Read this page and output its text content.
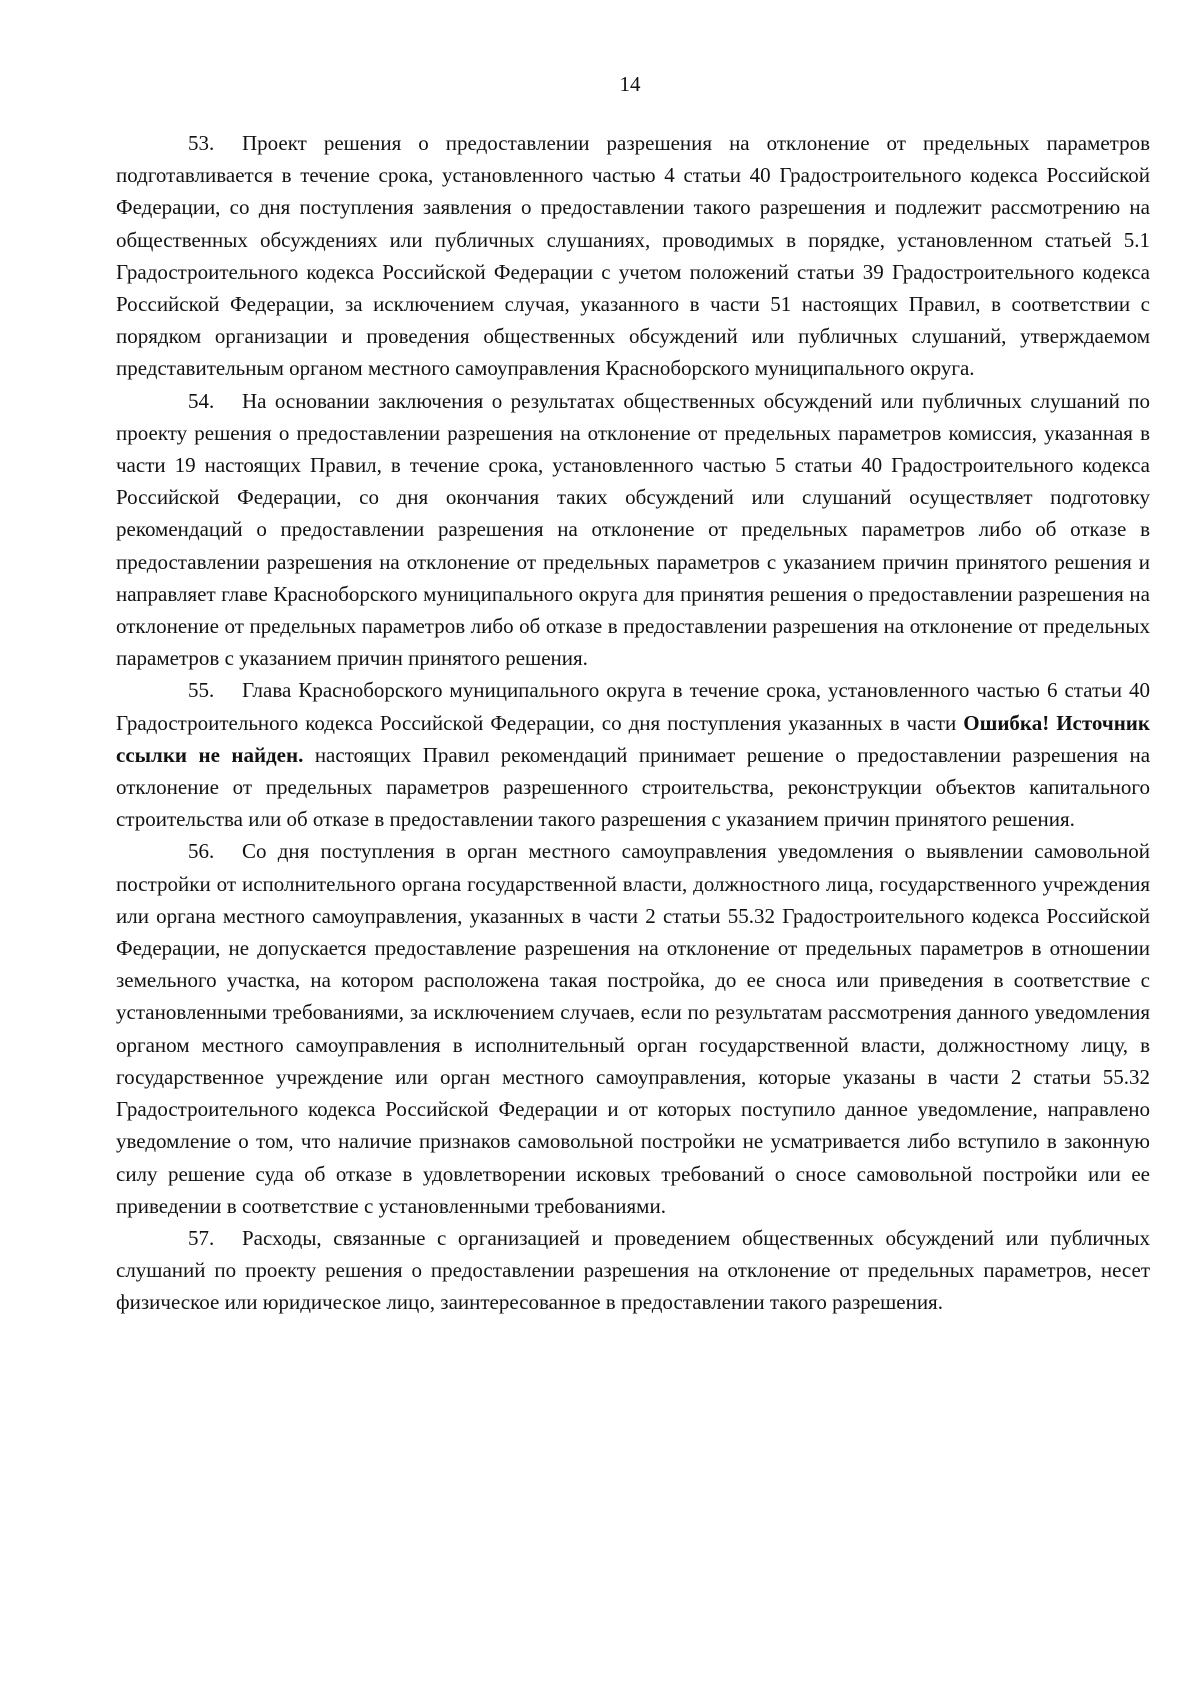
14

53. Проект решения о предоставлении разрешения на отклонение от предельных параметров подготавливается в течение срока, установленного частью 4 статьи 40 Градостроительного кодекса Российской Федерации, со дня поступления заявления о предоставлении такого разрешения и подлежит рассмотрению на общественных обсуждениях или публичных слушаниях, проводимых в порядке, установленном статьей 5.1 Градостроительного кодекса Российской Федерации с учетом положений статьи 39 Градостроительного кодекса Российской Федерации, за исключением случая, указанного в части 51 настоящих Правил, в соответствии с порядком организации и проведения общественных обсуждений или публичных слушаний, утверждаемом представительным органом местного самоуправления Красноборского муниципального округа.

54. На основании заключения о результатах общественных обсуждений или публичных слушаний по проекту решения о предоставлении разрешения на отклонение от предельных параметров комиссия, указанная в части 19 настоящих Правил, в течение срока, установленного частью 5 статьи 40 Градостроительного кодекса Российской Федерации, со дня окончания таких обсуждений или слушаний осуществляет подготовку рекомендаций о предоставлении разрешения на отклонение от предельных параметров либо об отказе в предоставлении разрешения на отклонение от предельных параметров с указанием причин принятого решения и направляет главе Красноборского муниципального округа для принятия решения о предоставлении разрешения на отклонение от предельных параметров либо об отказе в предоставлении разрешения на отклонение от предельных параметров с указанием причин принятого решения.

55. Глава Красноборского муниципального округа в течение срока, установленного частью 6 статьи 40 Градостроительного кодекса Российской Федерации, со дня поступления указанных в части Ошибка! Источник ссылки не найден. настоящих Правил рекомендаций принимает решение о предоставлении разрешения на отклонение от предельных параметров разрешенного строительства, реконструкции объектов капитального строительства или об отказе в предоставлении такого разрешения с указанием причин принятого решения.

56. Со дня поступления в орган местного самоуправления уведомления о выявлении самовольной постройки от исполнительного органа государственной власти, должностного лица, государственного учреждения или органа местного самоуправления, указанных в части 2 статьи 55.32 Градостроительного кодекса Российской Федерации, не допускается предоставление разрешения на отклонение от предельных параметров в отношении земельного участка, на котором расположена такая постройка, до ее сноса или приведения в соответствие с установленными требованиями, за исключением случаев, если по результатам рассмотрения данного уведомления органом местного самоуправления в исполнительный орган государственной власти, должностному лицу, в государственное учреждение или орган местного самоуправления, которые указаны в части 2 статьи 55.32 Градостроительного кодекса Российской Федерации и от которых поступило данное уведомление, направлено уведомление о том, что наличие признаков самовольной постройки не усматривается либо вступило в законную силу решение суда об отказе в удовлетворении исковых требований о сносе самовольной постройки или ее приведении в соответствие с установленными требованиями.

57. Расходы, связанные с организацией и проведением общественных обсуждений или публичных слушаний по проекту решения о предоставлении разрешения на отклонение от предельных параметров, несет физическое или юридическое лицо, заинтересованное в предоставлении такого разрешения.
